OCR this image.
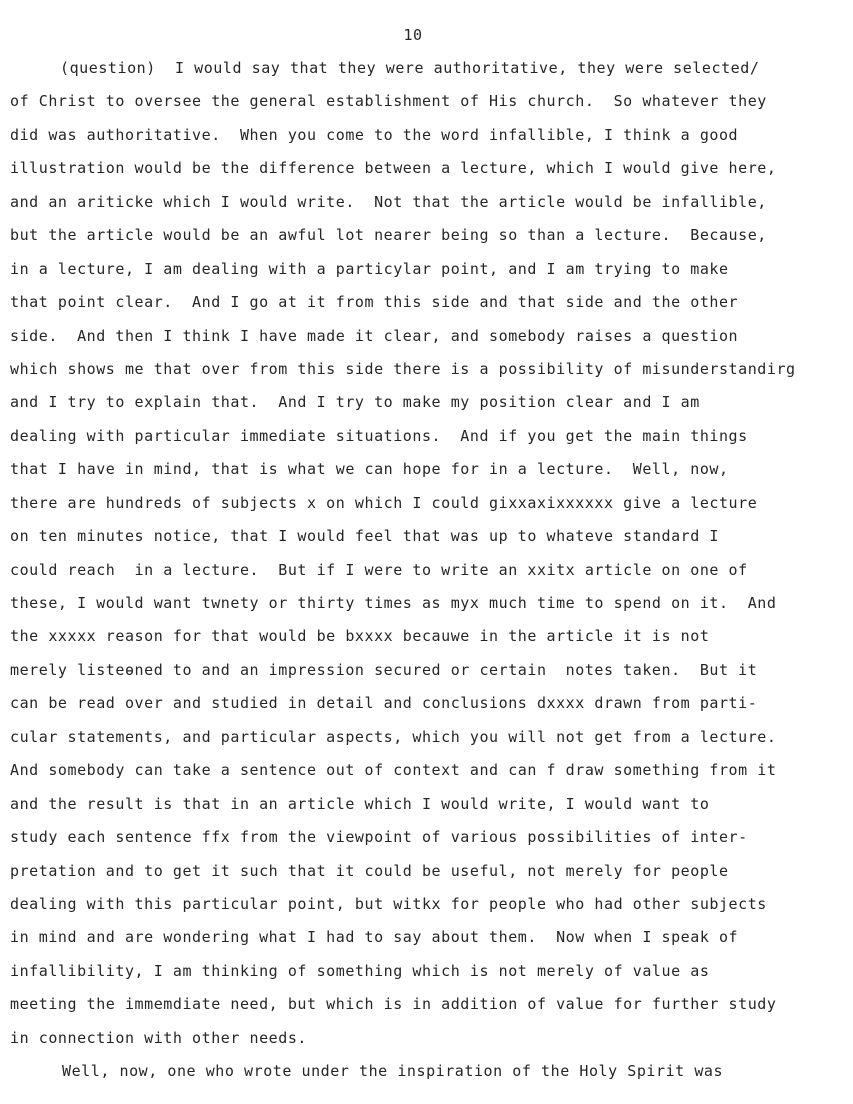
10
(question)  I would say that they were authoritative, they were selected/
of Christ to oversee the general establishment of His church.  So whatever they
did was authoritative.  When you come to the word infallible, I think a good
illustration would be the difference between a lecture, which I would give here,
and an ariticke which I would write.  Not that the article would be infallible,
but the article would be an awful lot nearer being so than a lecture.  Because,
in a lecture, I am dealing with a particylar point, and I am trying to make
that point clear.  And I go at it from this side and that side and the other
side.  And then I think I have made it clear, and somebody raises a question
which shows me that over from this side there is a possibility of misunderstandirg
and I try to explain that.  And I try to make my position clear and I am
dealing with particular immediate situations.  And if you get the main things
that I have in mind, that is what we can hope for in a lecture.  Well, now,
there are hundreds of subjects x on which I could gixxaxixxxxxx give a lecture
on ten minutes notice, that I would feel that was up to whateve standard I
could reach  in a lecture.  But if I were to write an xxitx article on one of
these, I would want twnety or thirty times as myx much time to spend on it.  And
the xxxxx reason for that would be bxxxx becauwe in the article it is not
merely listeѳned to and an impression secured or certain  notes taken.  But it
can be read over and studied in detail and conclusions dxxxx drawn from parti-
cular statements, and particular aspects, which you will not get from a lecture.
And somebody can take a sentence out of context and can f draw something from it
and the result is that in an article which I would write, I would want to
study each sentence ffx from the viewpoint of various possibilities of inter-
pretation and to get it such that it could be useful, not merely for people
dealing with this particular point, but witkx for people who had other subjects
in mind and are wondering what I had to say about them.  Now when I speak of
infallibility, I am thinking of something which is not merely of value as
meeting the immemdiate need, but which is in addition of value for further study
in connection with other needs.
Well, now, one who wrote under the inspiration of the Holy Spirit was
